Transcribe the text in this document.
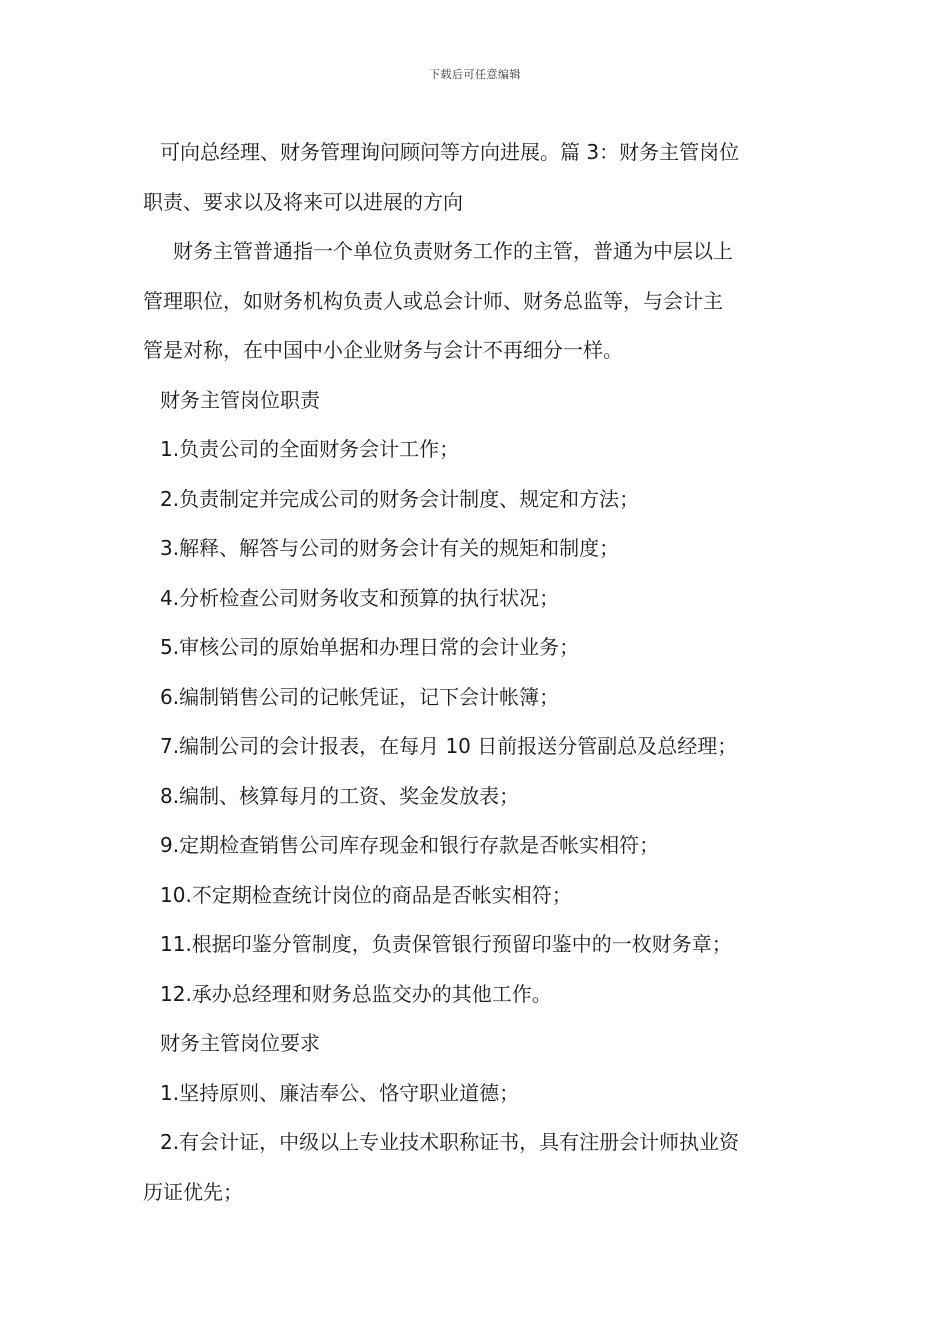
下载后可任意编辑
可向总经理、财务管理询问顾问等方向进展。篇 3：财务主管岗位
职责、要求以及将来可以进展的方向
财务主管普通指一个单位负责财务工作的主管，普通为中层以上
管理职位，如财务机构负责人或总会计师、财务总监等，与会计主
管是对称，在中国中小企业财务与会计不再细分一样。
财务主管岗位职责
1.负责公司的全面财务会计工作；
2.负责制定并完成公司的财务会计制度、规定和方法；
3.解释、解答与公司的财务会计有关的规矩和制度；
4.分析检查公司财务收支和预算的执行状况；
5.审核公司的原始单据和办理日常的会计业务；
6.编制销售公司的记帐凭证，记下会计帐簿；
7.编制公司的会计报表，在每月 10 日前报送分管副总及总经理；
8.编制、核算每月的工资、奖金发放表；
9.定期检查销售公司库存现金和银行存款是否帐实相符；
10.不定期检查统计岗位的商品是否帐实相符；
11.根据印鉴分管制度，负责保管银行预留印鉴中的一枚财务章；
12.承办总经理和财务总监交办的其他工作。
财务主管岗位要求
1.坚持原则、廉洁奉公、恪守职业道德；
2.有会计证，中级以上专业技术职称证书，具有注册会计师执业资
历证优先；
